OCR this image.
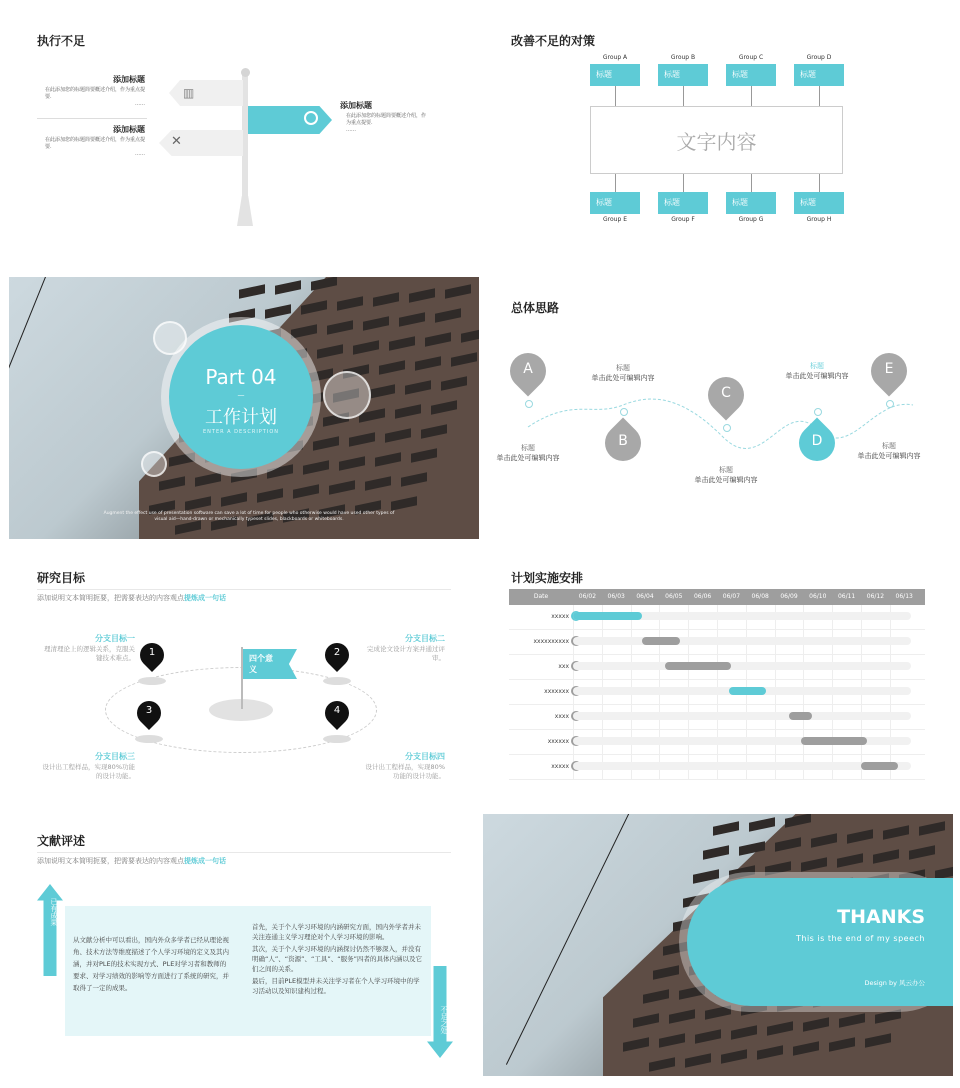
执行不足
▥
✕
添加标题
在此添加您的标题简要概述介绍，作为重点提要.
……
添加标题
在此添加您的标题简要概述介绍，作为重点提要.
……
添加标题
在此添加您的标题简要概述介绍，作为重点提要.
……
改善不足的对策
文字内容
Group A
标题
Group B
标题
Group C
标题
Group D
标题
标题
Group E
标题
Group F
标题
Group G
标题
Group H
Part 04
—
工作计划
ENTER A DESCRIPTION
Augment the effect use of presentation software can save a lot of time for people who otherwise would have used other types of visual aid—hand-drawn or mechanically typeset slides, blackboards or whiteboards.
总体思路
A
标题
单击此处可编辑内容
B
标题
单击此处可编辑内容
C
标题
单击此处可编辑内容
D
标题
单击此处可编辑内容	E
标题
单击此处可编辑内容
研究目标
添加说明文本简明扼要，把需要表达的内容观点提炼成一句话
四个意义
1
分支目标一
理清理论上的逻辑关系，克服关键技术难点。	2
分支目标二
完成论文设计方案并通过评审。
3
分支目标三
设计出工程样品，实现80%功能的设计功能。
4
分支目标四
设计出工程样品，实现80%功能的设计功能。
计划实施安排
Date	06/02	06/03	06/04	06/05	06/06	06/07	06/08	06/09	06/10	06/11	06/12	06/13
xxxxx
xxxxxxxxxx
xxx
xxxxxxx
xxxx
xxxxxx
xxxxx
文献评述
添加说明文本简明扼要，把需要表达的内容观点提炼成一句话
从文献分析中可以看出，国内外众多学者已经从理论视角、技术方法等维度描述了个人学习环境的定义及其内涵，并对PLE的技术实现方式、PLE对学习者和教师的要求、对学习绩效的影响等方面进行了系统的研究，并取得了一定的成果。
首先，关于个人学习环境的内涵研究方面，国内外学者并未关注连通主义学习理论对个人学习环境的影响。
其次，关于个人学习环境的内涵探讨仍然不够深入，并没有明确“人”、“资源”、“工具”、“服务”四者的具体内涵以及它们之间的关系。
最后，目前PLE模型并未关注学习者在个人学习环境中的学习活动以及知识建构过程。
已有成果
不足之处
THANKS
This is the end of my speech
Design by 风云办公
